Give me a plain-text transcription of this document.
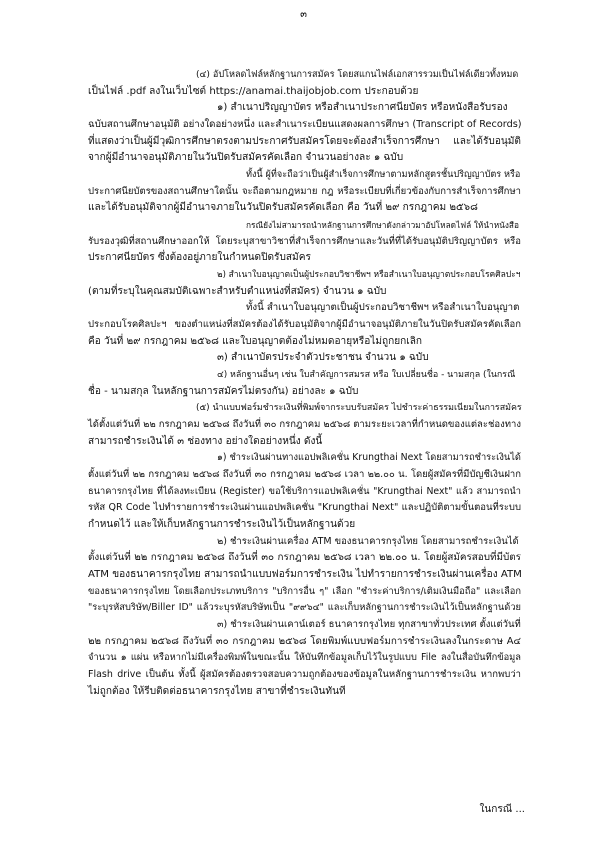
๓
(๔) อัปโหลดไฟล์หลักฐานการสมัคร โดยสแกนไฟล์เอกสารรวมเป็นไฟล์เดียวทั้งหมด
เป็นไฟล์ .pdf ลงในเว็บไซต์ https://anamai.thaijobjob.com ประกอบด้วย
๑) สำเนาปริญญาบัตร หรือสำเนาประกาศนียบัตร หรือหนังสือรับรอง
ฉบับสถานศึกษาอนุมัติ อย่างใดอย่างหนึ่ง และสำเนาระเบียนแสดงผลการศึกษา (Transcript of Records)
ที่แสดงว่าเป็นผู้มีวุฒิการศึกษาตรงตามประกาศรับสมัครโดยจะต้องสำเร็จการศึกษา และได้รับอนุมัติ
จากผู้มีอำนาจอนุมัติภายในวันปิดรับสมัครคัดเลือก จำนวนอย่างละ ๑ ฉบับ
ทั้งนี้ ผู้ที่จะถือว่าเป็นผู้สำเร็จการศึกษาตามหลักสูตรชั้นปริญญาบัตร หรือ
ประกาศนียบัตรของสถานศึกษาใดนั้น จะถือตามกฎหมาย กฎ หรือระเบียบที่เกี่ยวข้องกับการสำเร็จการศึกษา
และได้รับอนุมัติจากผู้มีอำนาจภายในวันปิดรับสมัครคัดเลือก คือ วันที่ ๒๙ กรกฎาคม ๒๕๖๘
กรณียังไม่สามารถนำหลักฐานการศึกษาดังกล่าวมาอัปโหลดไฟล์ ให้นำหนังสือ
รับรองวุฒิที่สถานศึกษาออกให้ โดยระบุสาขาวิชาที่สำเร็จการศึกษาและวันที่ที่ได้รับอนุมัติปริญญาบัตร หรือ
ประกาศนียบัตร ซึ่งต้องอยู่ภายในกำหนดปิดรับสมัคร
๒) สำเนาใบอนุญาตเป็นผู้ประกอบวิชาชีพฯ หรือสำเนาใบอนุญาตประกอบโรคศิลปะฯ
(ตามที่ระบุในคุณสมบัติเฉพาะสำหรับตำแหน่งที่สมัคร) จำนวน ๑ ฉบับ
ทั้งนี้ สำเนาใบอนุญาตเป็นผู้ประกอบวิชาชีพฯ หรือสำเนาใบอนุญาต
ประกอบโรคศิลปะฯ ของตำแหน่งที่สมัครต้องได้รับอนุมัติจากผู้มีอำนาจอนุมัติภายในวันปิดรับสมัครคัดเลือก
คือ วันที่ ๒๙ กรกฎาคม ๒๕๖๘ และใบอนุญาตต้องไม่หมดอายุหรือไม่ถูกยกเลิก
๓) สำเนาบัตรประจำตัวประชาชน จำนวน ๑ ฉบับ
๔) หลักฐานอื่นๆ เช่น ใบสำคัญการสมรส หรือ ใบเปลี่ยนชื่อ - นามสกุล (ในกรณี
ชื่อ - นามสกุล ในหลักฐานการสมัครไม่ตรงกัน) อย่างละ ๑ ฉบับ
(๕) นำแบบฟอร์มชำระเงินที่พิมพ์จากระบบรับสมัคร ไปชำระค่าธรรมเนียมในการสมัคร
ได้ตั้งแต่วันที่ ๒๒ กรกฎาคม ๒๕๖๘ ถึงวันที่ ๓๐ กรกฎาคม ๒๕๖๘ ตามระยะเวลาที่กำหนดของแต่ละช่องทาง
สามารถชำระเงินได้ ๓ ช่องทาง อย่างใดอย่างหนึ่ง ดังนี้
๑) ชำระเงินผ่านทางแอปพลิเคชั่น Krungthai Next โดยสามารถชำระเงินได้
ตั้งแต่วันที่ ๒๒ กรกฎาคม ๒๕๖๘ ถึงวันที่ ๓๐ กรกฎาคม ๒๕๖๘ เวลา ๒๒.๐๐ น. โดยผู้สมัครที่มีบัญชีเงินฝาก
ธนาคารกรุงไทย ที่ได้ลงทะเบียน (Register) ขอใช้บริการแอปพลิเคชั่น "Krungthai Next" แล้ว สามารถนำ
รหัส QR Code ไปทำรายการชำระเงินผ่านแอปพลิเคชั่น "Krungthai Next" และปฏิบัติตามขั้นตอนที่ระบบ
กำหนดไว้ และให้เก็บหลักฐานการชำระเงินไว้เป็นหลักฐานด้วย
๒) ชำระเงินผ่านเครื่อง ATM ของธนาคารกรุงไทย โดยสามารถชำระเงินได้
ตั้งแต่วันที่ ๒๒ กรกฎาคม ๒๕๖๘ ถึงวันที่ ๓๐ กรกฎาคม ๒๕๖๘ เวลา ๒๒.๐๐ น. โดยผู้สมัครสอบที่มีบัตร
ATM ของธนาคารกรุงไทย สามารถนำแบบฟอร์มการชำระเงิน ไปทำรายการชำระเงินผ่านเครื่อง ATM
ของธนาคารกรุงไทย โดยเลือกประเภทบริการ "บริการอื่น ๆ" เลือก "ชำระค่าบริการ/เติมเงินมือถือ" และเลือก
"ระบุรหัสบริษัท/Biller ID" แล้วระบุรหัสบริษัทเป็น "๙๙๖๔" และเก็บหลักฐานการชำระเงินไว้เป็นหลักฐานด้วย
๓) ชำระเงินผ่านเคาน์เตอร์ ธนาคารกรุงไทย ทุกสาขาทั่วประเทศ ตั้งแต่วันที่
๒๒ กรกฎาคม ๒๕๖๘ ถึงวันที่ ๓๐ กรกฎาคม ๒๕๖๘ โดยพิมพ์แบบฟอร์มการชำระเงินลงในกระดาษ A๔
จำนวน ๑ แผ่น หรือหากไม่มีเครื่องพิมพ์ในขณะนั้น ให้บันทึกข้อมูลเก็บไว้ในรูปแบบ File ลงในสื่อบันทึกข้อมูล
Flash drive เป็นต้น ทั้งนี้ ผู้สมัครต้องตรวจสอบความถูกต้องของข้อมูลในหลักฐานการชำระเงิน หากพบว่า
ไม่ถูกต้อง ให้รีบติดต่อธนาคารกรุงไทย สาขาที่ชำระเงินทันที
ในกรณี ...
